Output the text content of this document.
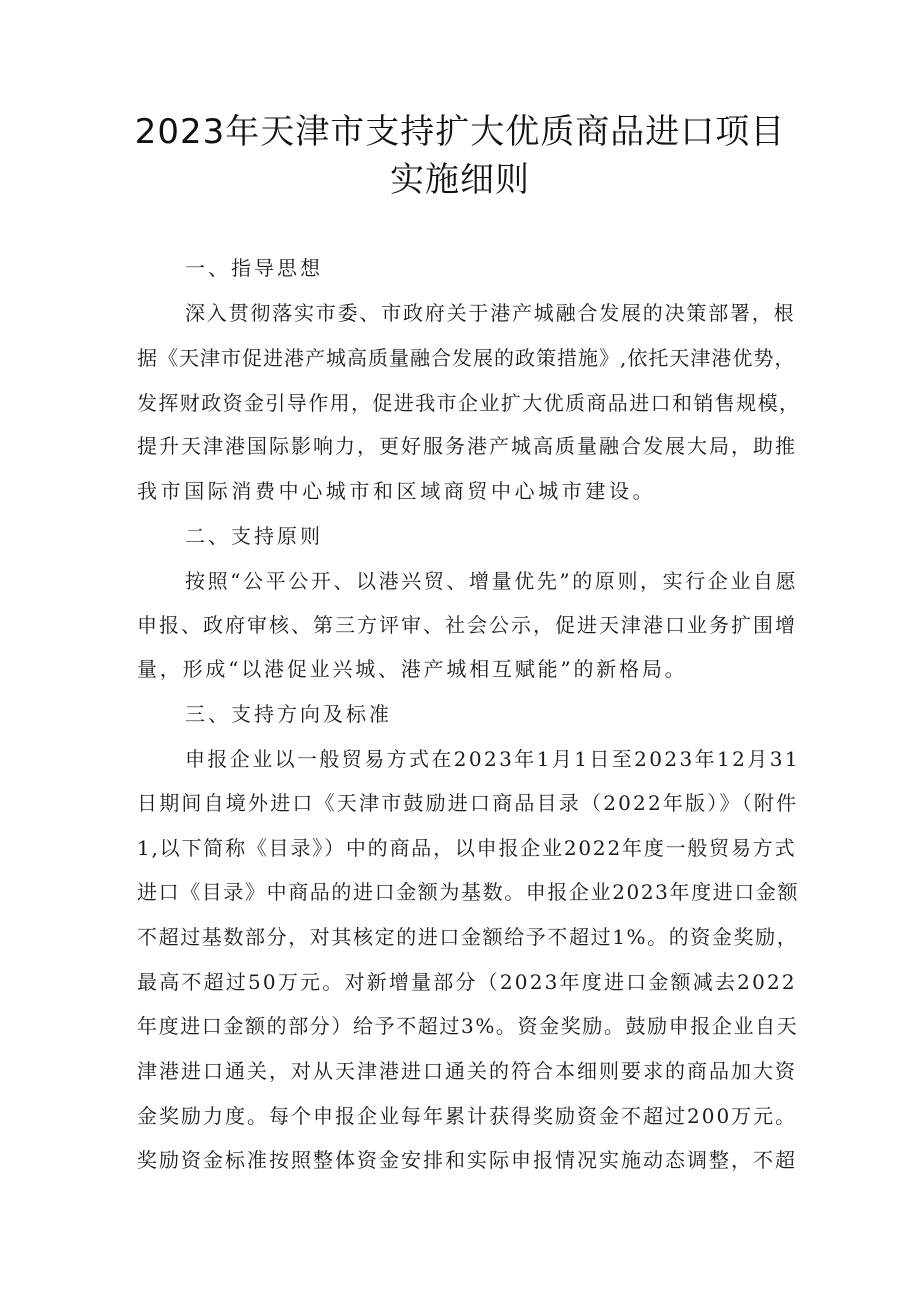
2023年天津市支持扩大优质商品进口项目
实施细则
一、指导思想
深入贯彻落实市委、市政府关于港产城融合发展的决策部署，根
据《天津市促进港产城高质量融合发展的政策措施》,依托天津港优势，
发挥财政资金引导作用，促进我市企业扩大优质商品进口和销售规模，
提升天津港国际影响力，更好服务港产城高质量融合发展大局，助推
我市国际消费中心城市和区域商贸中心城市建设。
二、支持原则
按照“公平公开、以港兴贸、增量优先”的原则，实行企业自愿
申报、政府审核、第三方评审、社会公示，促进天津港口业务扩围增
量，形成“以港促业兴城、港产城相互赋能”的新格局。
三、支持方向及标准
申报企业以一般贸易方式在2023年1月1日至2023年12月31
日期间自境外进口《天津市鼓励进口商品目录（2022年版）》（附件
1,以下简称《目录》）中的商品，以申报企业2022年度一般贸易方式
进口《目录》中商品的进口金额为基数。申报企业2023年度进口金额
不超过基数部分，对其核定的进口金额给予不超过1%。的资金奖励，
最高不超过50万元。对新增量部分（2023年度进口金额减去2022
年度进口金额的部分）给予不超过3%。资金奖励。鼓励申报企业自天
津港进口通关，对从天津港进口通关的符合本细则要求的商品加大资
金奖励力度。每个申报企业每年累计获得奖励资金不超过200万元。
奖励资金标准按照整体资金安排和实际申报情况实施动态调整，不超
